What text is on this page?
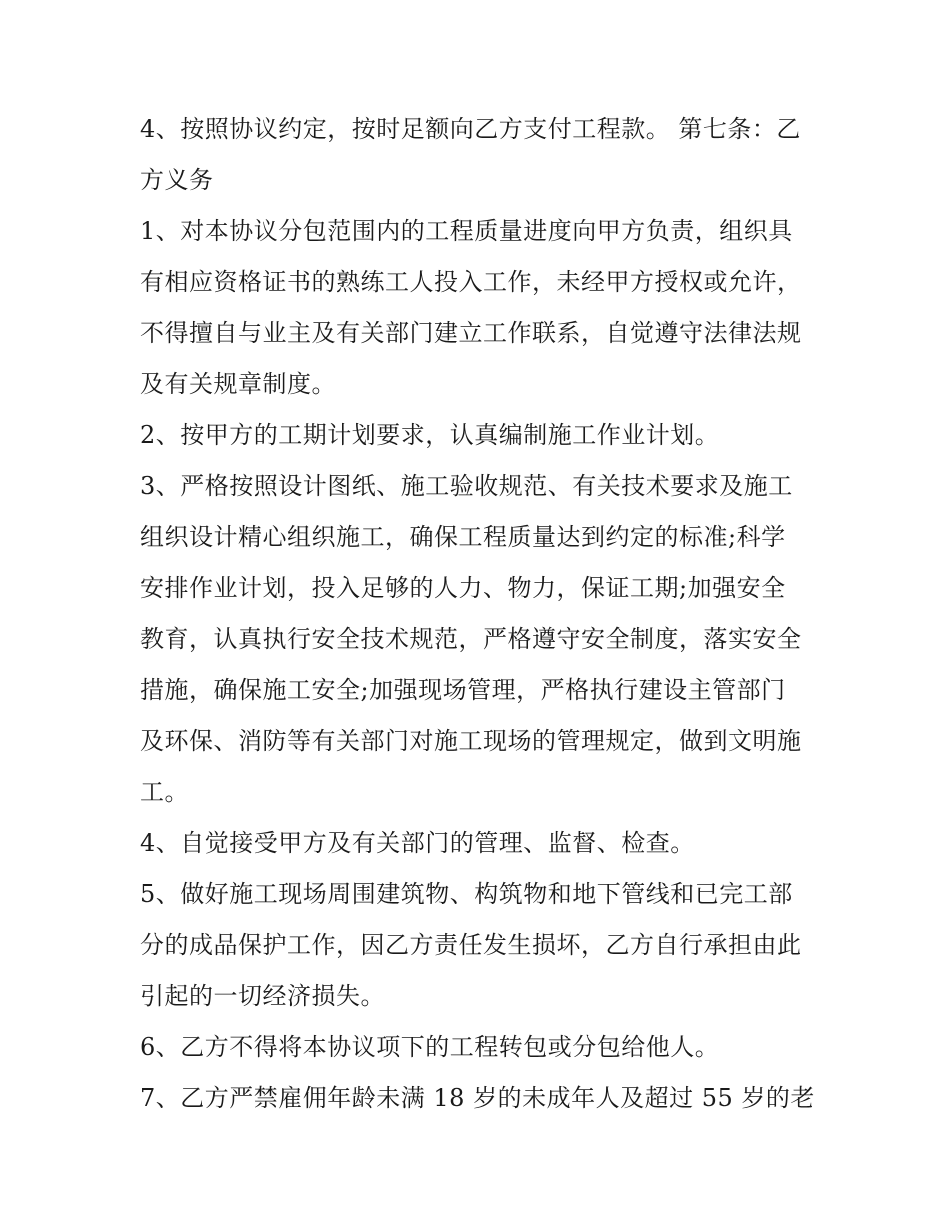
4、按照协议约定，按时足额向乙方支付工程款。 第七条：乙
方义务
1、对本协议分包范围内的工程质量进度向甲方负责，组织具
有相应资格证书的熟练工人投入工作，未经甲方授权或允许，
不得擅自与业主及有关部门建立工作联系，自觉遵守法律法规
及有关规章制度。
2、按甲方的工期计划要求，认真编制施工作业计划。
3、严格按照设计图纸、施工验收规范、有关技术要求及施工
组织设计精心组织施工，确保工程质量达到约定的标准;科学
安排作业计划，投入足够的人力、物力，保证工期;加强安全
教育，认真执行安全技术规范，严格遵守安全制度，落实安全
措施，确保施工安全;加强现场管理，严格执行建设主管部门
及环保、消防等有关部门对施工现场的管理规定，做到文明施
工。
4、自觉接受甲方及有关部门的管理、监督、检查。
5、做好施工现场周围建筑物、构筑物和地下管线和已完工部
分的成品保护工作，因乙方责任发生损坏，乙方自行承担由此
引起的一切经济损失。
6、乙方不得将本协议项下的工程转包或分包给他人。
7、乙方严禁雇佣年龄未满 18 岁的未成年人及超过 55 岁的老
